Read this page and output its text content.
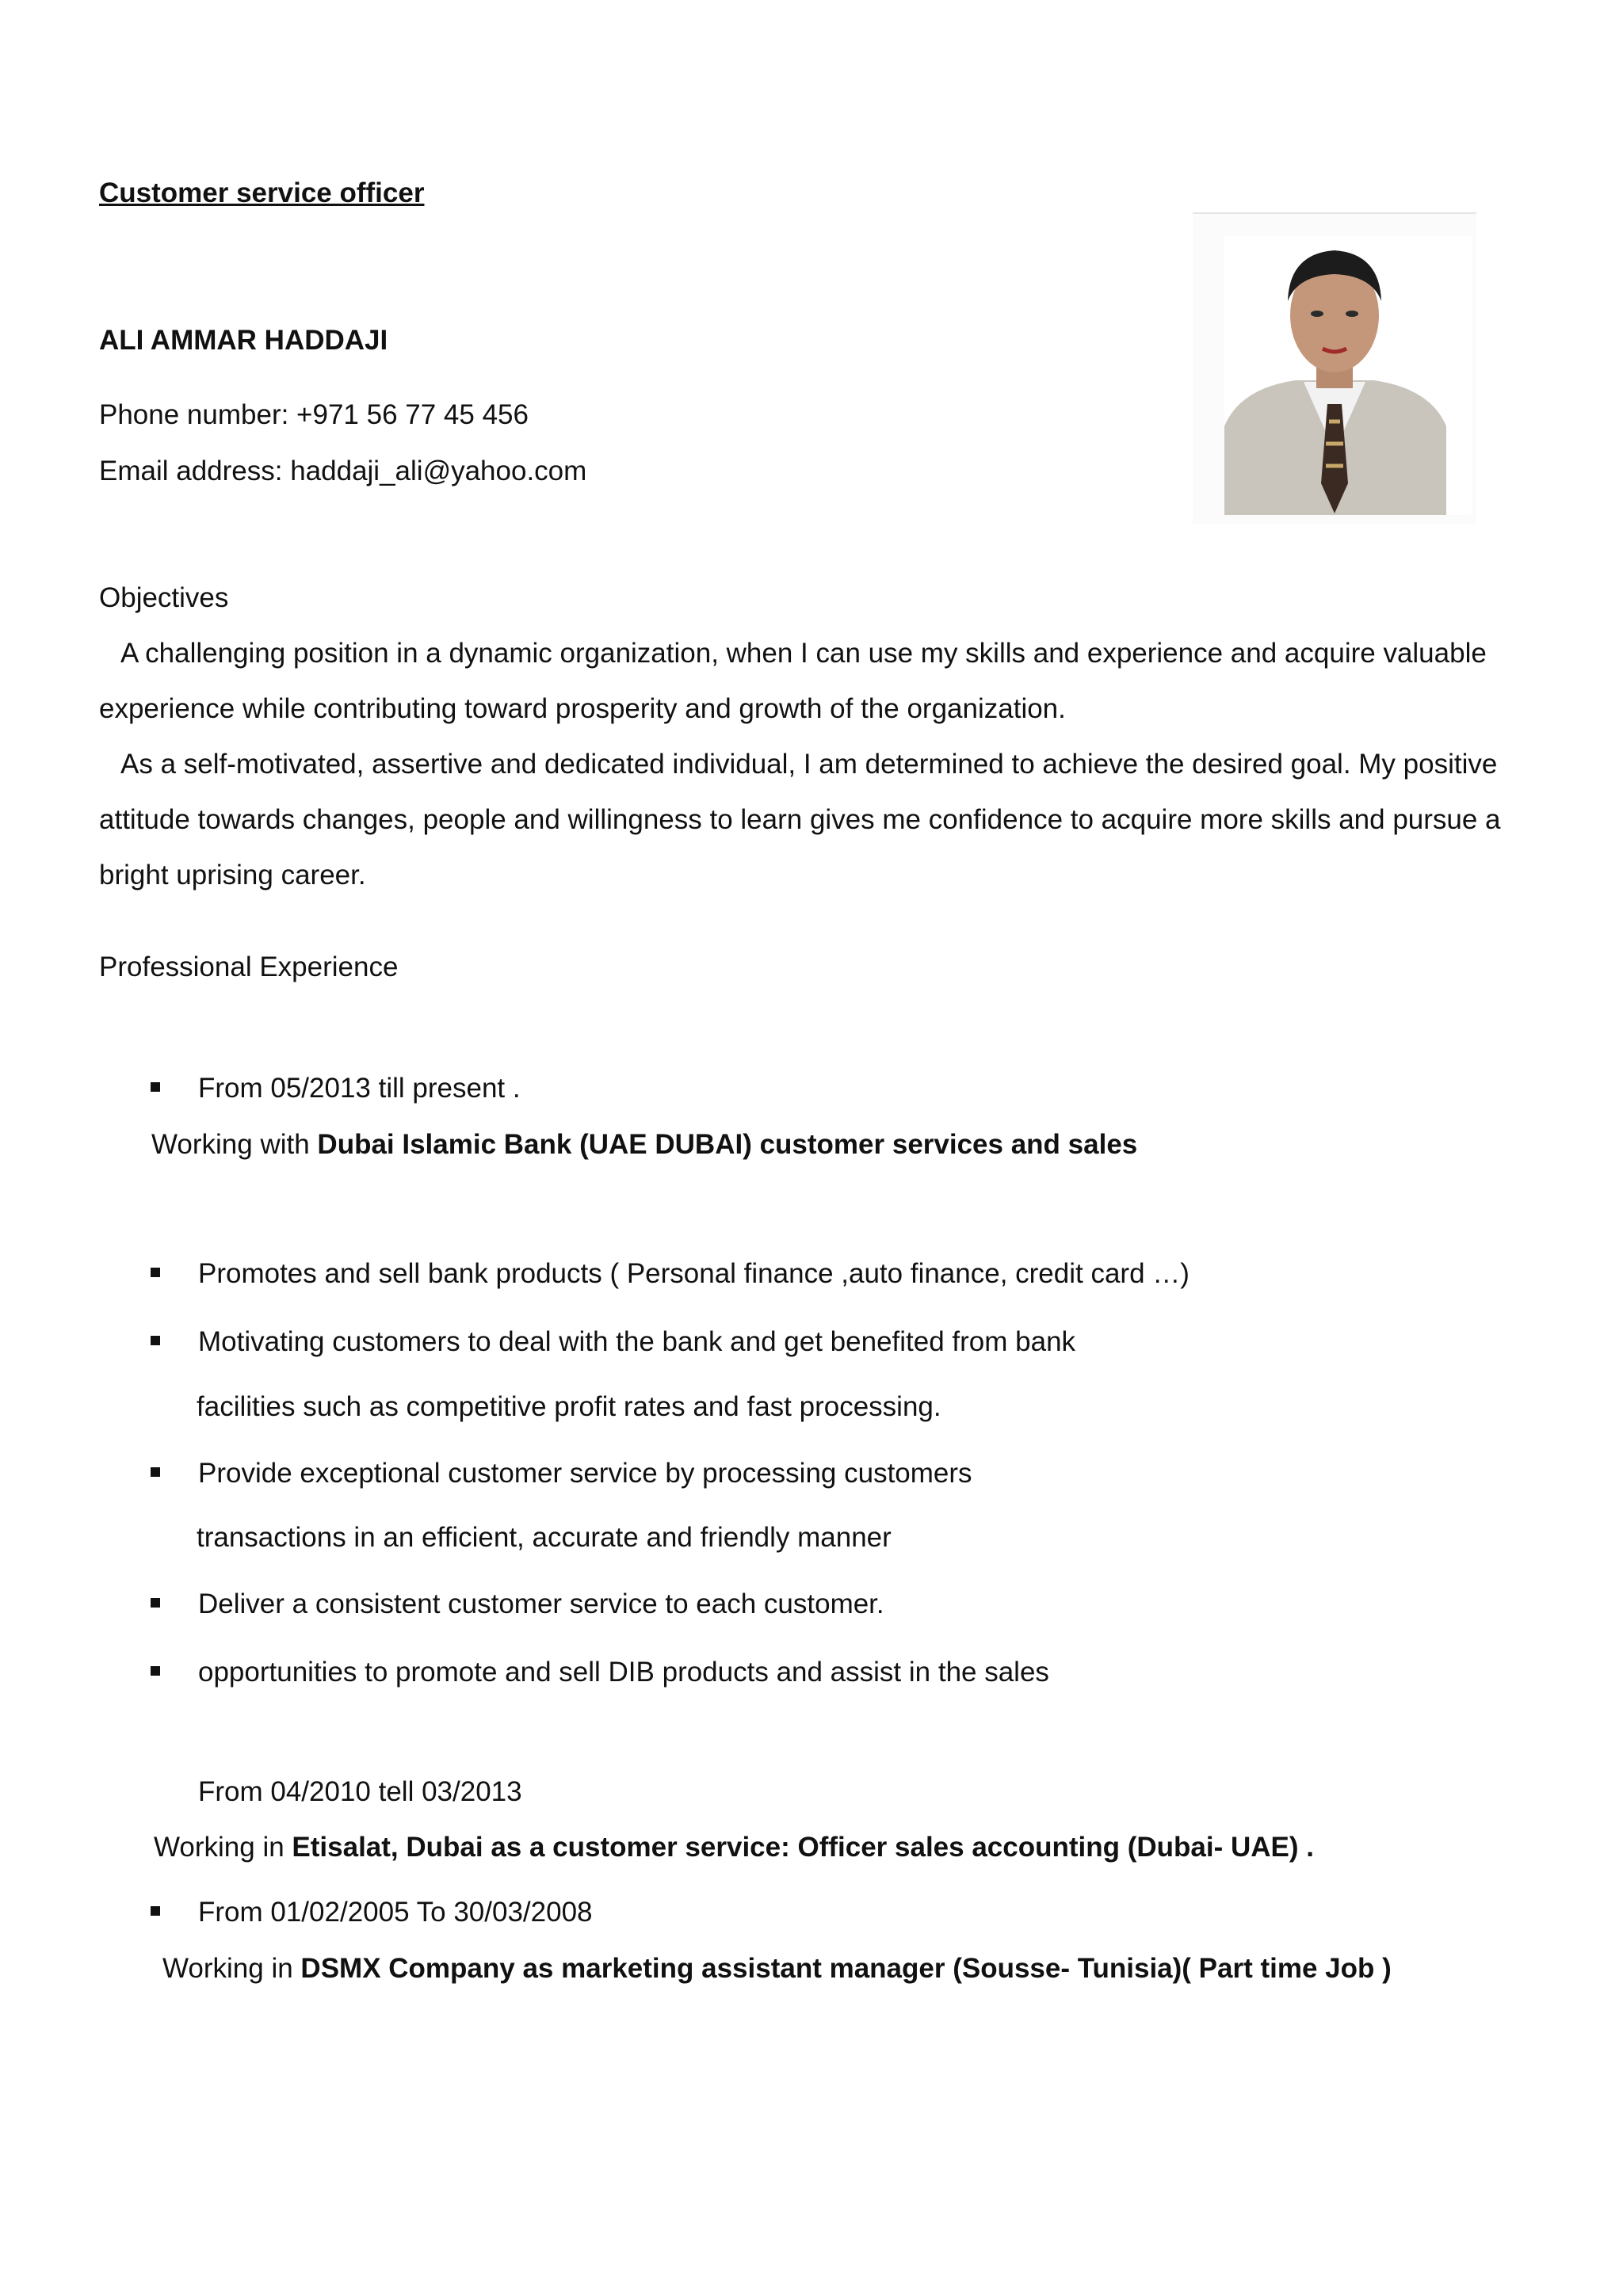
Customer service officer

ALI AMMAR HADDAJI

Phone number: +971 56 77 45 456

Email address: haddaji_ali@yahoo.com

Objectives

A challenging position in a dynamic organization, when I can use my skills and experience and acquire valuable

experience while contributing toward prosperity and growth of the organization.

As a self-motivated, assertive and dedicated individual, I am determined to achieve the desired goal. My positive

attitude towards changes, people and willingness to learn gives me confidence to acquire more skills and pursue a

bright uprising career.

Professional Experience

From 05/2013 till present .

Working with Dubai Islamic Bank (UAE DUBAI) customer services and sales

Promotes and sell bank products ( Personal finance ,auto finance, credit card …)

Motivating customers to deal with the bank and get benefited from bank

facilities such as competitive profit rates and fast processing.

Provide exceptional customer service by processing customers

transactions in an efficient, accurate and friendly manner

Deliver a consistent customer service to each customer.

opportunities to promote and sell DIB products and assist in the sales

From 04/2010 tell 03/2013

Working in Etisalat, Dubai as a customer service: Officer sales accounting (Dubai- UAE) .

From 01/02/2005 To 30/03/2008

Working in DSMX Company as marketing assistant manager (Sousse- Tunisia)( Part time Job )
